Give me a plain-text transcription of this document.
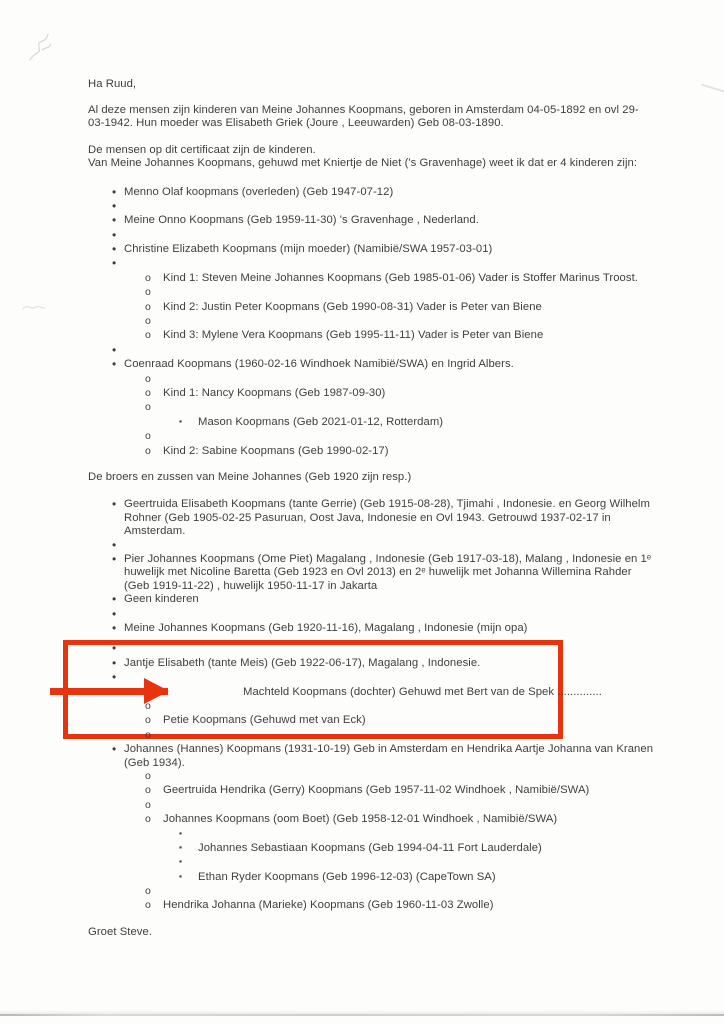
Ha Ruud,
Al deze mensen zijn kinderen van Meine Johannes Koopmans, geboren in Amsterdam 04-05-1892 en ovl 29-03-1942. Hun moeder was Elisabeth Griek (Joure , Leeuwarden) Geb 08-03-1890.
De mensen op dit certificaat zijn de kinderen.
Van Meine Johannes Koopmans, gehuwd met Kniertje de Niet ('s Gravenhage) weet ik dat er 4 kinderen zijn:
•
Menno Olaf koopmans (overleden) (Geb 1947-07-12)
•
•
Meine Onno Koopmans (Geb 1959-11-30) 's Gravenhage , Nederland.
•
•
Christine Elizabeth Koopmans (mijn moeder) (Namibië/SWA 1957-03-01)
•
o
Kind 1: Steven Meine Johannes Koopmans (Geb 1985-01-06) Vader is Stoffer Marinus Troost.
o
o
Kind 2: Justin Peter Koopmans (Geb 1990-08-31) Vader is Peter van Biene
o
o
Kind 3: Mylene Vera Koopmans (Geb 1995-11-11) Vader is Peter van Biene
•
•
Coenraad Koopmans (1960-02-16 Windhoek Namibië/SWA) en Ingrid Albers.
o
o
Kind 1: Nancy Koopmans (Geb 1987-09-30)
o
▪
Mason Koopmans (Geb 2021-01-12, Rotterdam)
o
o
Kind 2: Sabine Koopmans (Geb 1990-02-17)
De broers en zussen van Meine Johannes (Geb 1920 zijn resp.)
•
Geertruida Elisabeth Koopmans (tante Gerrie) (Geb 1915-08-28), Tjimahi , Indonesie. en Georg Wilhelm Rohner (Geb 1905-02-25 Pasuruan, Oost Java, Indonesie en Ovl 1943. Getrouwd 1937-02-17 in Amsterdam.
•
•
Pier Johannes Koopmans (Ome Piet) Magalang , Indonesie (Geb 1917-03-18), Malang , Indonesie en 1ᵉ huwelijk met Nicoline Baretta (Geb 1923 en Ovl 2013) en 2ᵉ huwelijk met Johanna Willemina Rahder (Geb 1919-11-22) , huwelijk 1950-11-17 in Jakarta
•
Geen kinderen
•
•
Meine Johannes Koopmans (Geb 1920-11-16), Magalang , Indonesie (mijn opa)
•
•
Jantje Elisabeth (tante Meis) (Geb 1922-06-17), Magalang , Indonesie.
•
Machteld Koopmans (dochter) Gehuwd met Bert van de Spek ..............
o
o
Petie Koopmans (Gehuwd met van Eck)
o
•
Johannes (Hannes) Koopmans (1931-10-19) Geb in Amsterdam en Hendrika Aartje Johanna van Kranen (Geb 1934).
o
o
Geertruida Hendrika (Gerry) Koopmans (Geb 1957-11-02 Windhoek , Namibië/SWA)
o
o
Johannes Koopmans (oom Boet) (Geb 1958-12-01 Windhoek , Namibië/SWA)
▪
▪
Johannes Sebastiaan Koopmans (Geb 1994-04-11 Fort Lauderdale)
▪
▪
Ethan Ryder Koopmans (Geb 1996-12-03) (CapeTown SA)
o
o
Hendrika Johanna (Marieke) Koopmans (Geb 1960-11-03 Zwolle)
Groet Steve.
